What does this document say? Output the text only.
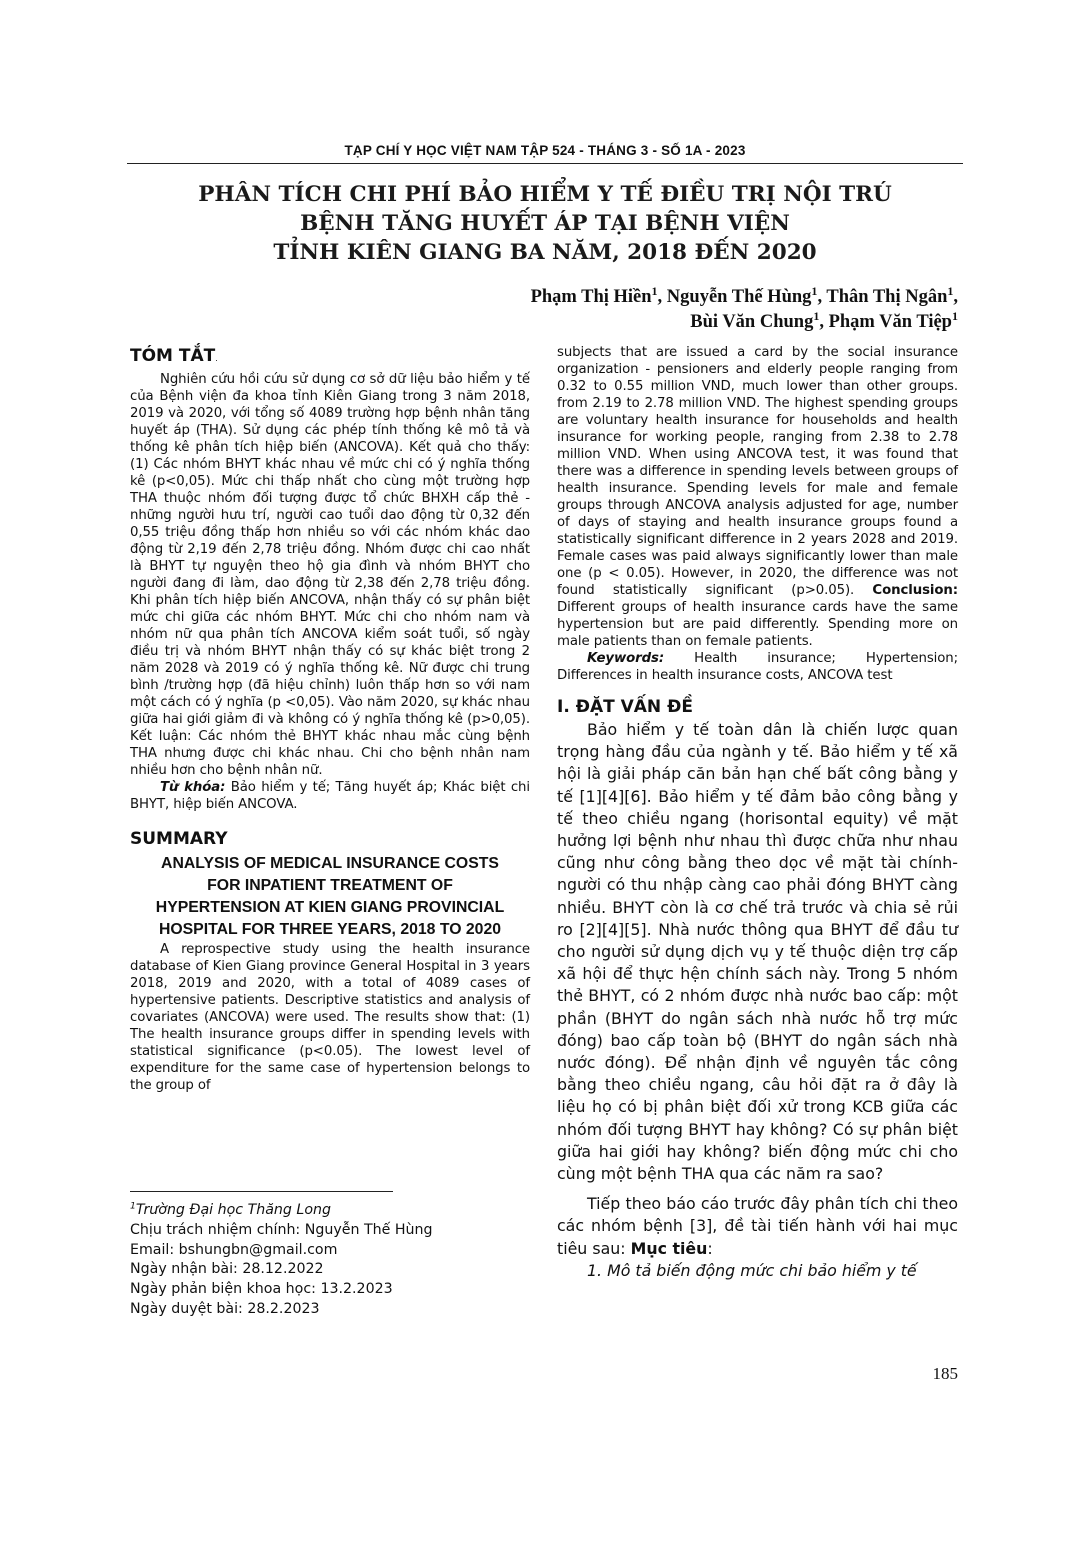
TẠP CHÍ Y HỌC VIỆT NAM TẬP 524 - THÁNG 3 - SỐ 1A - 2023
PHÂN TÍCH CHI PHÍ BẢO HIỂM Y TẾ ĐIỀU TRỊ NỘI TRÚ
BỆNH TĂNG HUYẾT ÁP TẠI BỆNH VIỆN
TỈNH KIÊN GIANG BA NĂM, 2018 ĐẾN 2020
Phạm Thị Hiền$^1$, Nguyễn Thế Hùng$^1$, Thân Thị Ngân$^1$,
Bùi Văn Chung$^1$, Phạm Văn Tiệp$^1$
TÓM TẮT.

Nghiên cứu hồi cứu sử dụng cơ sở dữ liệu bảo hiểm y tế của Bệnh viện đa khoa tỉnh Kiên Giang trong 3 năm 2018, 2019 và 2020, với tổng số 4089 trường hợp bệnh nhân tăng huyết áp (THA). Sử dụng các phép tính thống kê mô tả và thống kê phân tích hiệp biến (ANCOVA). Kết quả cho thấy: (1) Các nhóm BHYT khác nhau về mức chi có ý nghĩa thống kê (p<0,05). Mức chi thấp nhất cho cùng một trường hợp THA thuộc nhóm đối tượng được tổ chức BHXH cấp thẻ - những người hưu trí, người cao tuổi dao động từ 0,32 đến 0,55 triệu đồng thấp hơn nhiều so với các nhóm khác dao động từ 2,19 đến 2,78 triệu đồng. Nhóm được chi cao nhất là BHYT tự nguyện theo hộ gia đình và nhóm BHYT cho người đang đi làm, dao động từ 2,38 đến 2,78 triệu đồng. Khi phân tích hiệp biến ANCOVA, nhận thấy có sự phân biệt mức chi giữa các nhóm BHYT. Mức chi cho nhóm nam và nhóm nữ qua phân tích ANCOVA kiểm soát tuổi, số ngày điều trị và nhóm BHYT nhận thấy có sự khác biệt trong 2 năm 2028 và 2019 có ý nghĩa thống kê. Nữ được chi trung bình /trường hợp (đã hiệu chỉnh) luôn thấp hơn so với nam một cách có ý nghĩa (p <0,05). Vào năm 2020, sự khác nhau giữa hai giới giảm đi và không có ý nghĩa thống kê (p>0,05). Kết luận: Các nhóm thẻ BHYT khác nhau mắc cùng bệnh THA nhưng được chi khác nhau. Chi cho bệnh nhân nam nhiều hơn cho bệnh nhân nữ.

Từ khóa: Bảo hiểm y tế; Tăng huyết áp; Khác biệt chi BHYT, hiệp biến ANCOVA.

SUMMARY
ANALYSIS OF MEDICAL INSURANCE COSTS
FOR INPATIENT TREATMENT OF
HYPERTENSION AT KIEN GIANG PROVINCIAL
HOSPITAL FOR THREE YEARS, 2018 TO 2020

A reprospective study using the health insurance database of Kien Giang province General Hospital in 3 years 2018, 2019 and 2020, with a total of 4089 cases of hypertensive patients. Descriptive statistics and analysis of covariates (ANCOVA) were used. The results show that: (1) The health insurance groups differ in spending levels with statistical significance (p<0.05). The lowest level of expenditure for the same case of hypertension belongs to the group of

$^1$Trường Đại học Thăng Long
Chịu trách nhiệm chính: Nguyễn Thế Hùng
Email: bshungbn@gmail.com
Ngày nhận bài: 28.12.2022
Ngày phản biện khoa học: 13.2.2023
Ngày duyệt bài: 28.2.2023

subjects that are issued a card by the social insurance organization - pensioners and elderly people ranging from 0.32 to 0.55 million VND, much lower than other groups. from 2.19 to 2.78 million VND. The highest spending groups are voluntary health insurance for households and health insurance for working people, ranging from 2.38 to 2.78 million VND. When using ANCOVA test, it was found that there was a difference in spending levels between groups of health insurance. Spending levels for male and female groups through ANCOVA analysis adjusted for age, number of days of staying and health insurance groups found a statistically significant difference in 2 years 2028 and 2019. Female cases was paid always significantly lower than male one (p < 0.05). However, in 2020, the difference was not found statistically significant (p>0.05). Conclusion: Different groups of health insurance cards have the same hypertension but are paid differently. Spending more on male patients than on female patients.

Keywords: Health insurance; Hypertension; Differences in health insurance costs, ANCOVA test

I. ĐẶT VẤN ĐỀ

Bảo hiểm y tế toàn dân là chiến lược quan trọng hàng đầu của ngành y tế. Bảo hiểm y tế xã hội là giải pháp căn bản hạn chế bất công bằng y tế [1][4][6]. Bảo hiểm y tế đảm bảo công bằng y tế theo chiều ngang (horisontal equity) về mặt hưởng lợi bệnh như nhau thì được chữa như nhau cũng như công bằng theo dọc về mặt tài chính-người có thu nhập càng cao phải đóng BHYT càng nhiều. BHYT còn là cơ chế trả trước và chia sẻ rủi ro [2][4][5]. Nhà nước thông qua BHYT để đầu tư cho người sử dụng dịch vụ y tế thuộc diện trợ cấp xã hội để thực hện chính sách này. Trong 5 nhóm thẻ BHYT, có 2 nhóm được nhà nước bao cấp: một phần (BHYT do ngân sách nhà nước hỗ trợ mức đóng) bao cấp toàn bộ (BHYT do ngân sách nhà nước đóng). Để nhận định về nguyên tắc công bằng theo chiều ngang, câu hỏi đặt ra ở đây là liệu họ có bị phân biệt đối xử trong KCB giữa các nhóm đối tượng BHYT hay không? Có sự phân biệt giữa hai giới hay không? biến động mức chi cho cùng một bệnh THA qua các năm ra sao?

Tiếp theo báo cáo trước đây phân tích chi theo các nhóm bệnh [3], đề tài tiến hành với hai mục tiêu sau: Mục tiêu:

1. Mô tả biến động mức chi bảo hiểm y tế

185
